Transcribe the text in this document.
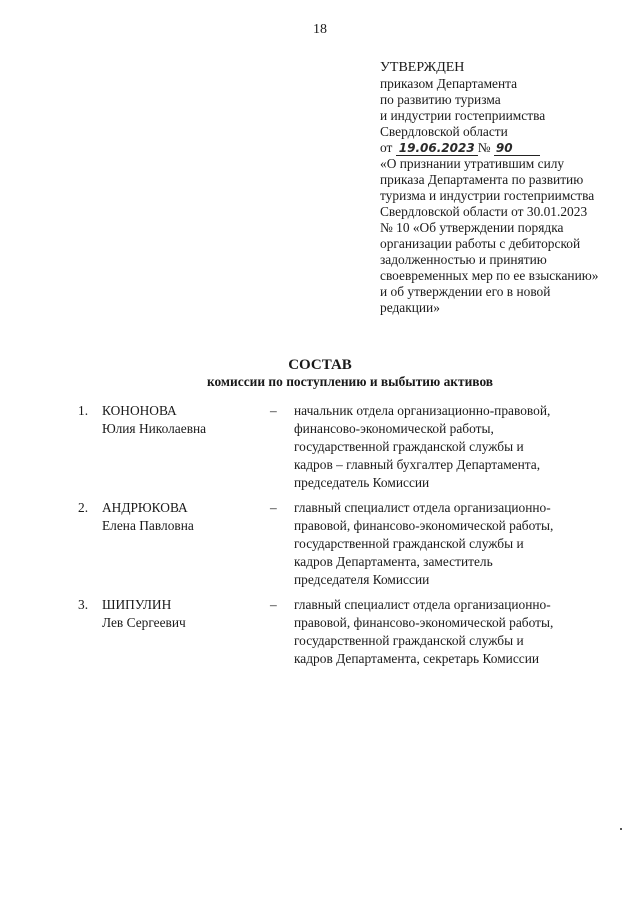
18
УТВЕРЖДЕН
приказом Департамента
по развитию туризма
и индустрии гостеприимства
Свердловской области
от 19.06.2023 № 90
«О признании утратившим силу
приказа Департамента по развитию
туризма и индустрии гостеприимства
Свердловской области от 30.01.2023
№ 10 «Об утверждении порядка
организации работы с дебиторской
задолженностью и принятию
своевременных мер по ее взысканию»
и об утверждении его в новой
редакции»
СОСТАВ
комиссии по поступлению и выбытию активов
1. КОНОНОВА
Юлия Николаевна
– начальник отдела организационно-правовой,
финансово-экономической работы,
государственной гражданской службы и
кадров – главный бухгалтер Департамента,
председатель Комиссии
2. АНДРЮКОВА
Елена Павловна
– главный специалист отдела организационно-
правовой, финансово-экономической работы,
государственной гражданской службы и
кадров Департамента, заместитель
председателя Комиссии
3. ШИПУЛИН
Лев Сергеевич
– главный специалист отдела организационно-
правовой, финансово-экономической работы,
государственной гражданской службы и
кадров Департамента, секретарь Комиссии
